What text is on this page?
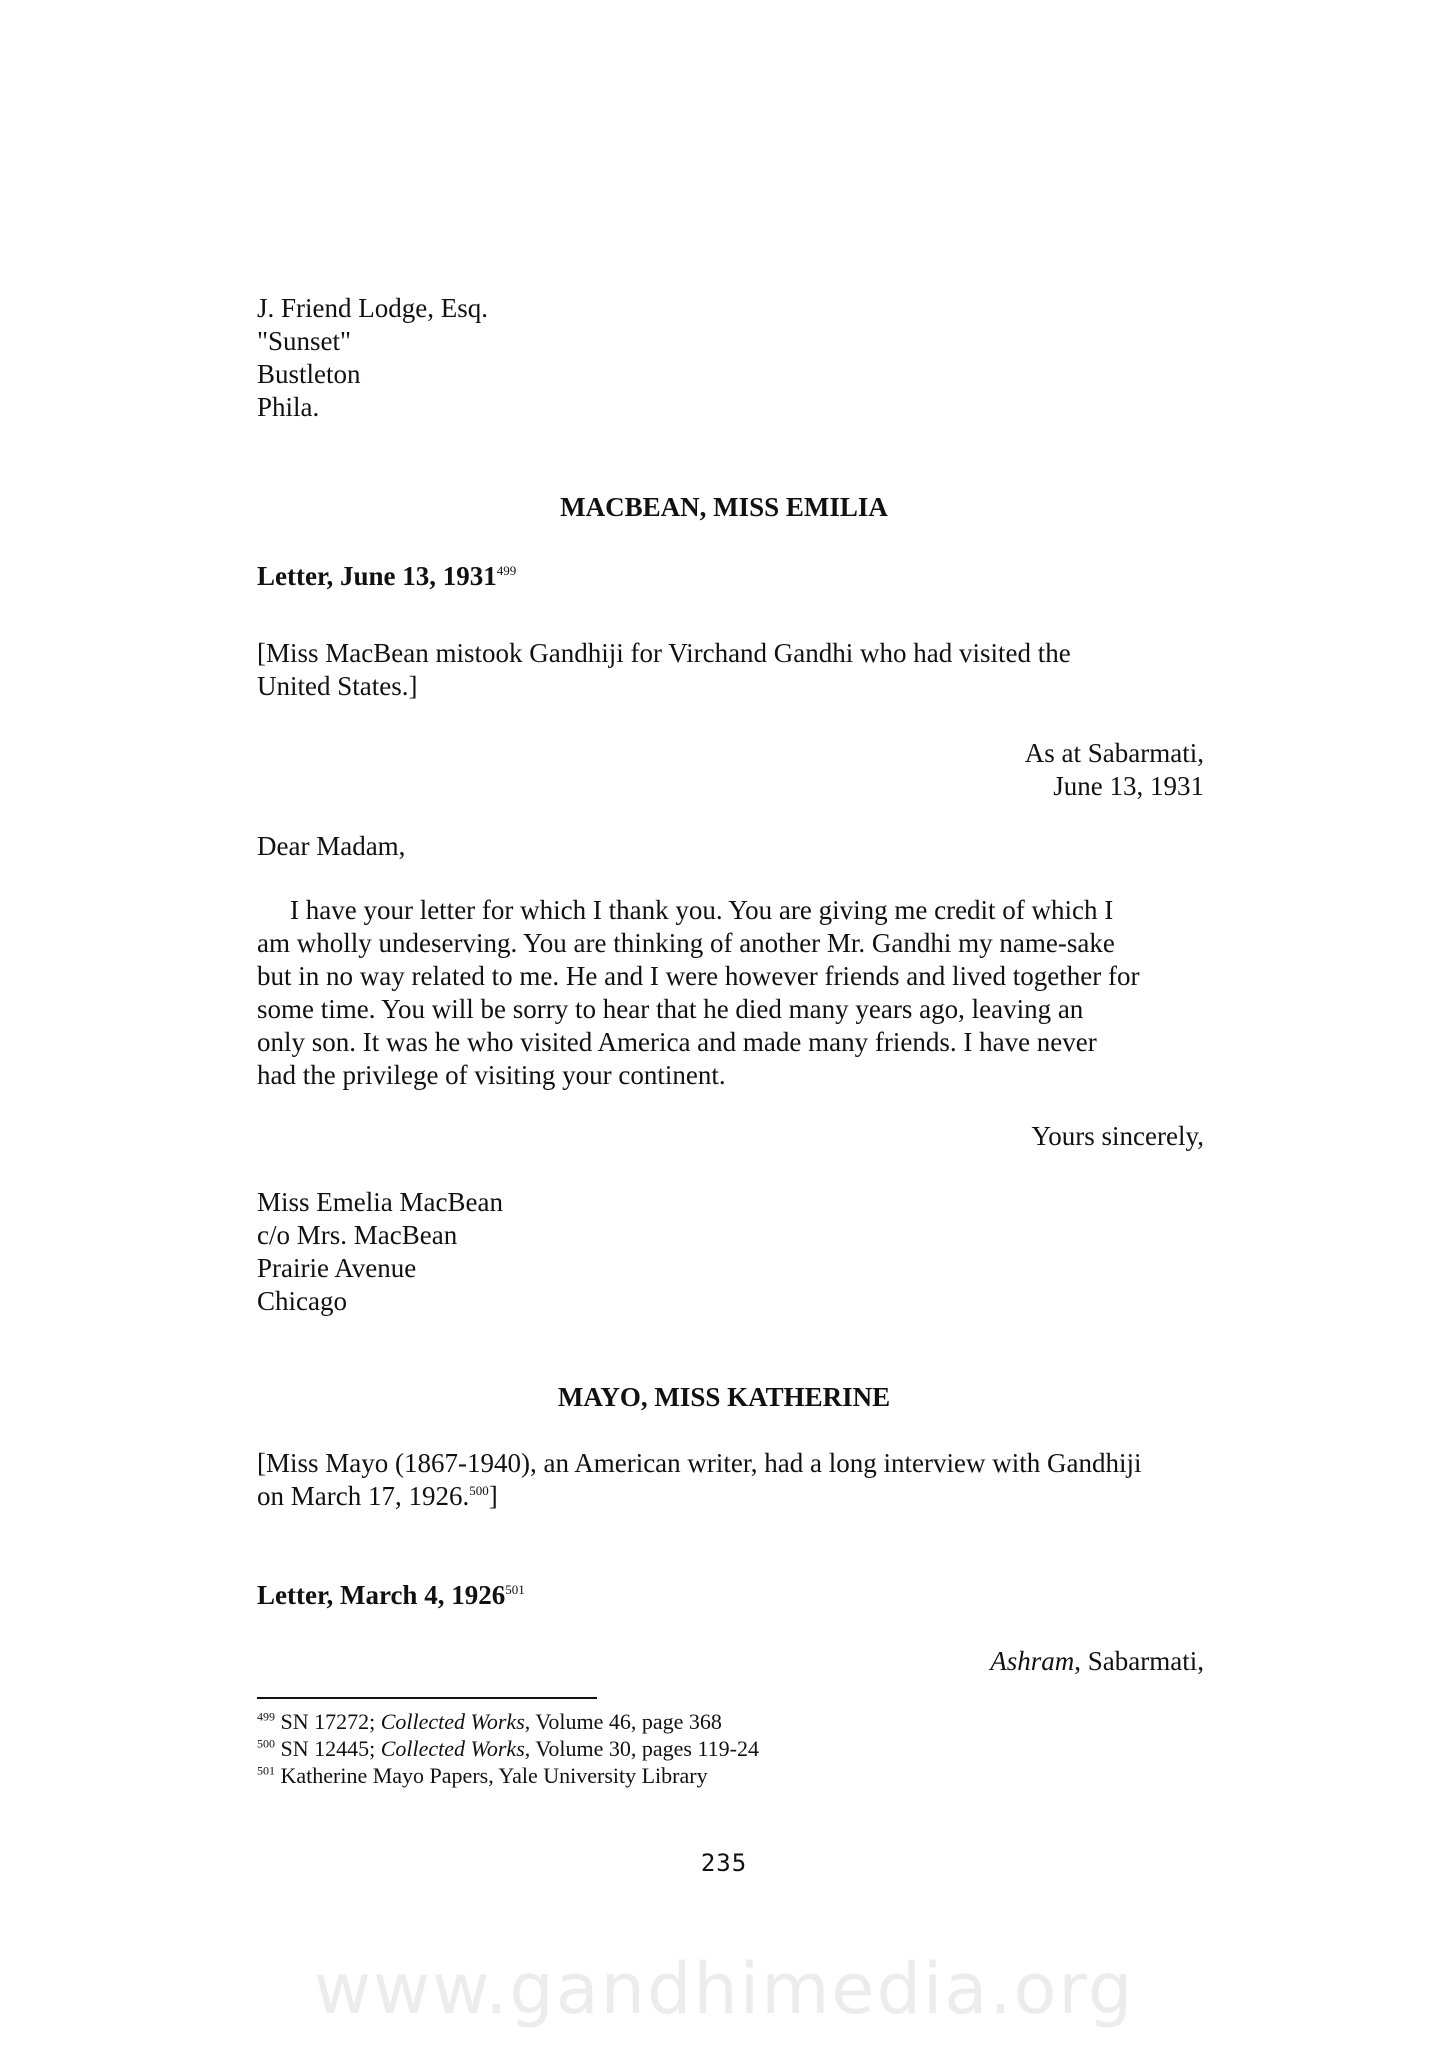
J. Friend Lodge, Esq.
"Sunset"
Bustleton
Phila.
MACBEAN, MISS EMILIA
Letter, June 13, 1931$^{499}$
[Miss MacBean mistook Gandhiji for Virchand Gandhi who had visited the
United States.]
As at Sabarmati,
June 13, 1931
Dear Madam,
I have your letter for which I thank you. You are giving me credit of which I
am wholly undeserving. You are thinking of another Mr. Gandhi my name-sake
but in no way related to me. He and I were however friends and lived together for
some time. You will be sorry to hear that he died many years ago, leaving an
only son. It was he who visited America and made many friends. I have never
had the privilege of visiting your continent.
Yours sincerely,
Miss Emelia MacBean
c/o Mrs. MacBean
Prairie Avenue
Chicago
MAYO, MISS KATHERINE
[Miss Mayo (1867-1940), an American writer, had a long interview with Gandhiji
on March 17, 1926.$^{500}$]
Letter, March 4, 1926$^{501}$
Ashram, Sabarmati,
$^{499}$ SN 17272; Collected Works, Volume 46, page 368
$^{500}$ SN 12445; Collected Works, Volume 30, pages 119-24
$^{501}$ Katherine Mayo Papers, Yale University Library
235
www.gandhimedia.org
